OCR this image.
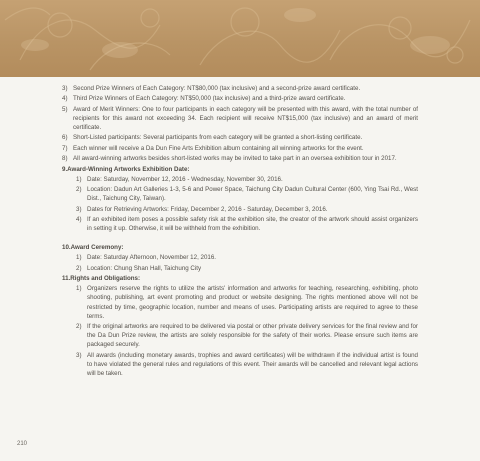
3) Second Prize Winners of Each Category: NT$80,000 (tax inclusive) and a second-prize award certificate.
4) Third Prize Winners of Each Category: NT$50,000 (tax inclusive) and a third-prize award certificate.
5) Award of Merit Winners: One to four participants in each category will be presented with this award, with the total number of recipients for this award not exceeding 34. Each recipient will receive NT$15,000 (tax inclusive) and an award of merit certificate.
6) Short-Listed participants: Several participants from each category will be granted a short-listing certificate.
7) Each winner will receive a Da Dun Fine Arts Exhibition album containing all winning artworks for the event.
8) All award-winning artworks besides short-listed works may be invited to take part in an oversea exhibition tour in 2017.
9.Award-Winning Artworks Exhibition Date:
1) Date: Saturday, November 12, 2016 - Wednesday, November 30, 2016.
2) Location: Dadun Art Galleries 1-3, 5-6 and Power Space, Taichung City Dadun Cultural Center (600, Ying Tsai Rd., West Dist., Taichung City, Taiwan).
3) Dates for Retrieving Artworks: Friday, December 2, 2016 - Saturday, December 3, 2016.
4) If an exhibited item poses a possible safety risk at the exhibition site, the creator of the artwork should assist organizers in setting it up. Otherwise, it will be withheld from the exhibition.
10.Award Ceremony:
1) Date: Saturday Afternoon, November 12, 2016.
2) Location: Chung Shan Hall, Taichung City
11.Rights and Obligations:
1) Organizers reserve the rights to utilize the artists' information and artworks for teaching, researching, exhibiting, photo shooting, publishing, art event promoting and product or website designing. The rights mentioned above will not be restricted by time, geographic location, number and means of uses. Participating artists are required to agree to these terms.
2) If the original artworks are required to be delivered via postal or other private delivery services for the final review and for the Da Dun Prize review, the artists are solely responsible for the safety of their works. Please ensure such items are packaged securely.
3) All awards (including monetary awards, trophies and award certificates) will be withdrawn if the individual artist is found to have violated the general rules and regulations of this event. Their awards will be cancelled and relevant legal actions will be taken.
210
